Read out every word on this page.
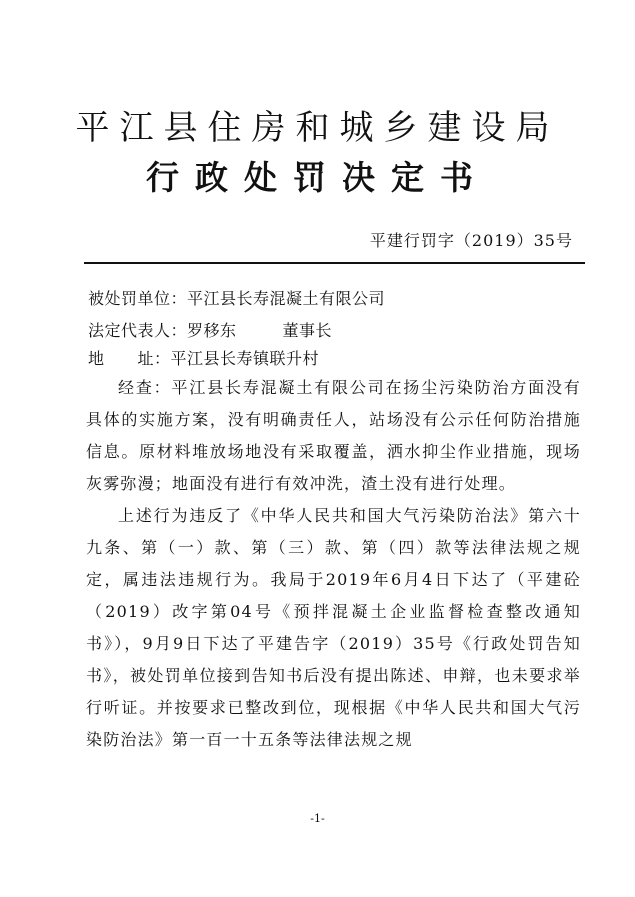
平江县住房和城乡建设局
行政处罚决定书
平建行罚字（2019）35号
被处罚单位：平江县长寿混凝土有限公司
法定代表人：罗移东	董事长
地　　址：平江县长寿镇联升村

经查：平江县长寿混凝土有限公司在扬尘污染防治方面没有具体的实施方案，没有明确责任人，站场没有公示任何防治措施信息。原材料堆放场地没有采取覆盖，洒水抑尘作业措施，现场灰雾弥漫；地面没有进行有效冲洗，渣土没有进行处理。

上述行为违反了《中华人民共和国大气污染防治法》第六十九条、第（一）款、第（三）款、第（四）款等法律法规之规定，属违法违规行为。我局于2019年6月4日下达了（平建砼（2019）改字第04号《预拌混凝土企业监督检查整改通知书》），9月9日下达了平建告字（2019）35号《行政处罚告知书》，被处罚单位接到告知书后没有提出陈述、申辩，也未要求举行听证。并按要求已整改到位，现根据《中华人民共和国大气污染防治法》第一百一十五条等法律法规之规

-1-
